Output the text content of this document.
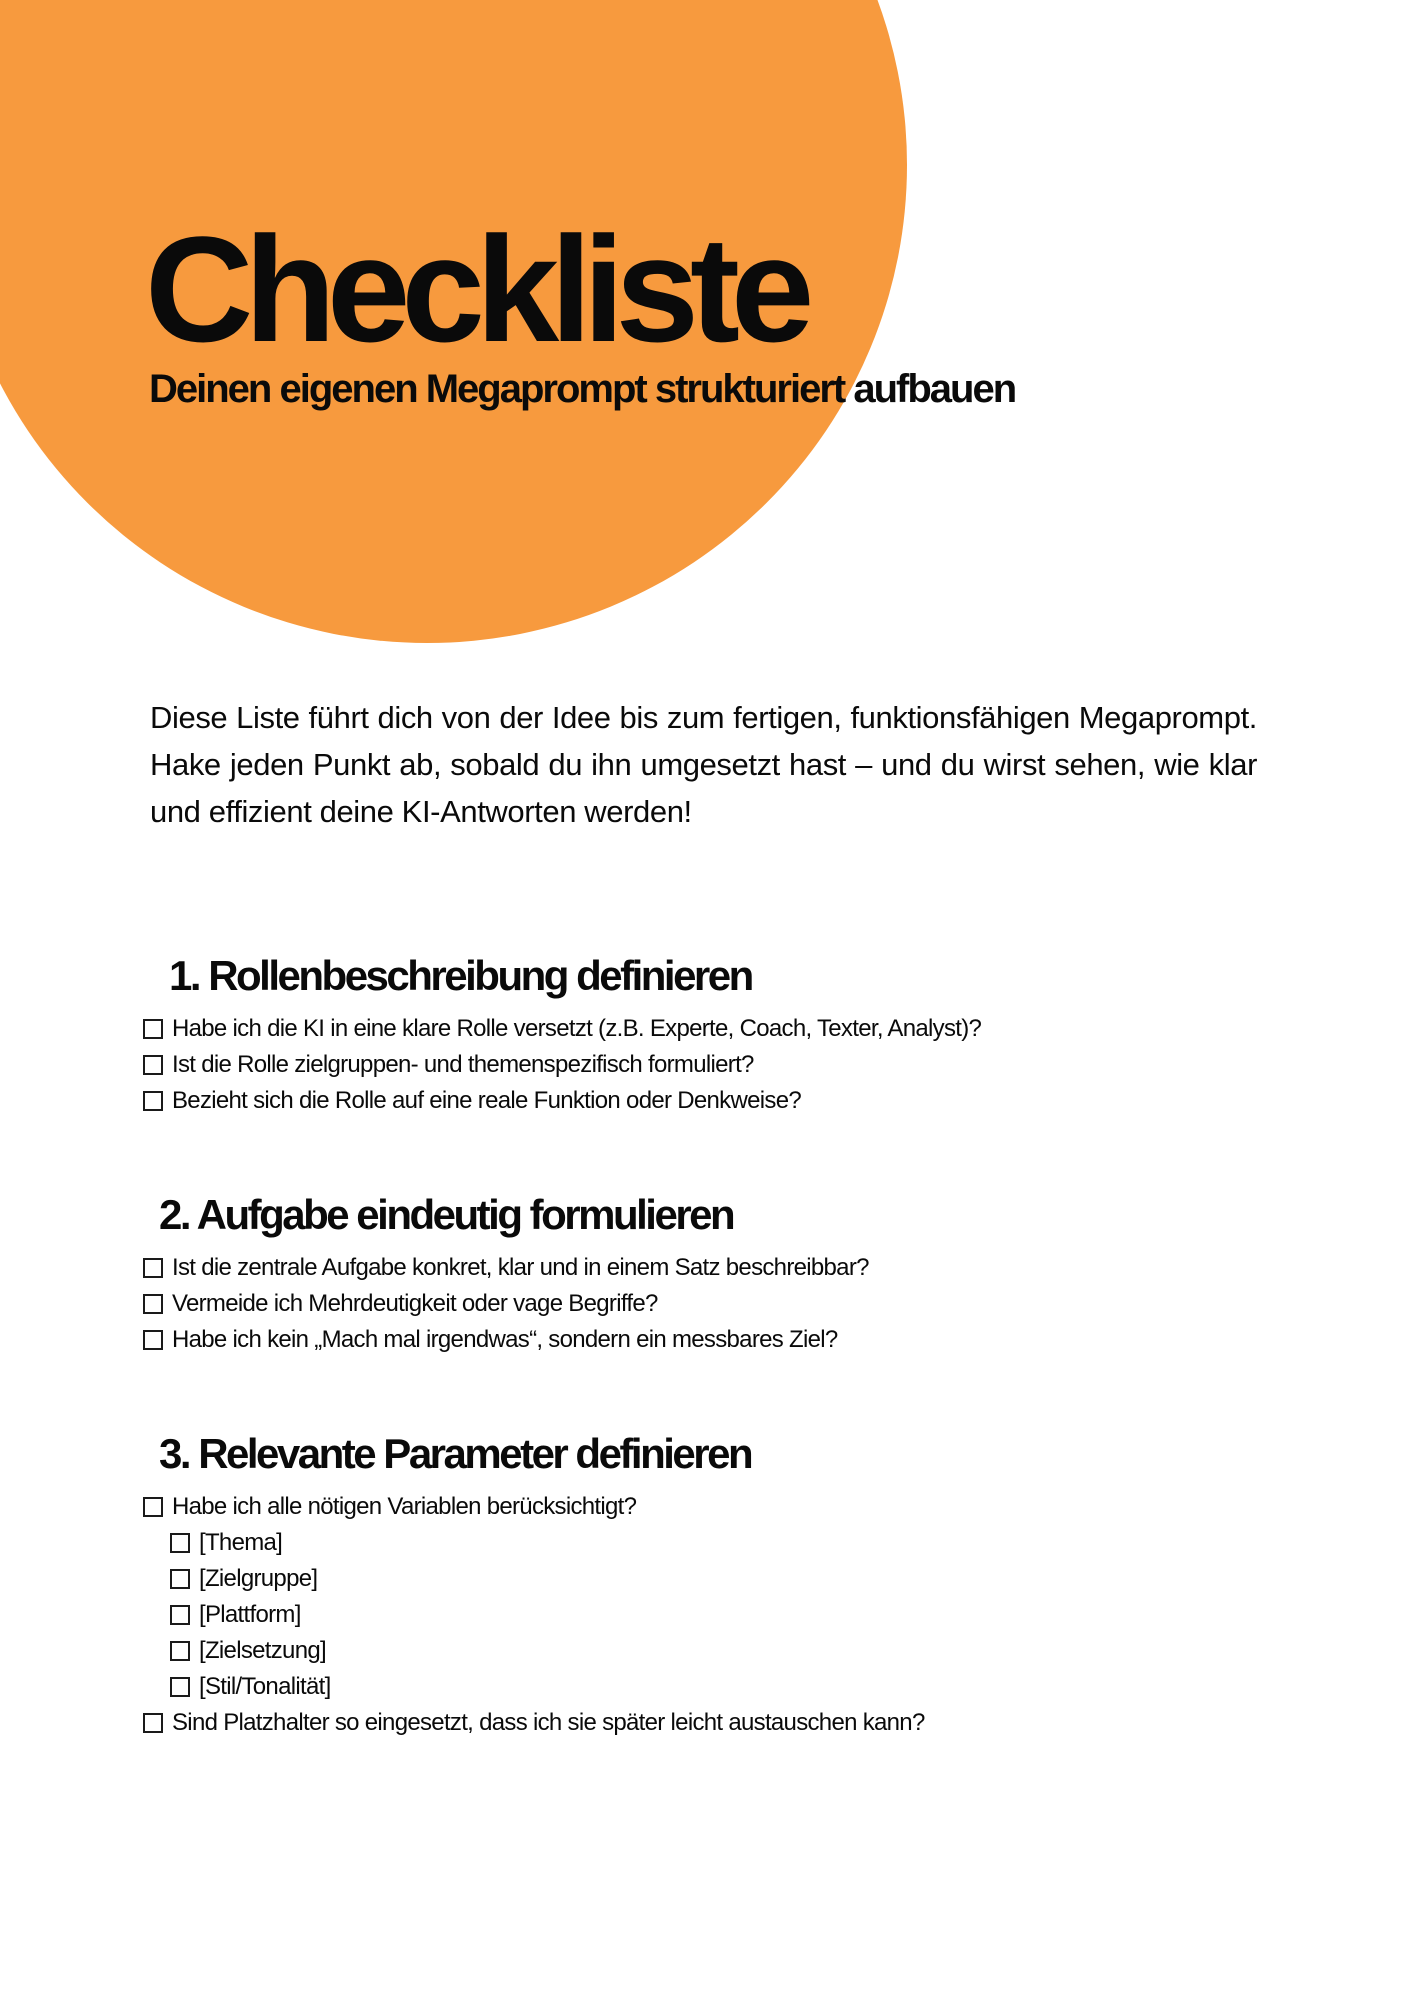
Checkliste
Deinen eigenen Megaprompt strukturiert aufbauen

Diese Liste führt dich von der Idee bis zum fertigen, funktionsfähigen Megaprompt. Hake jeden Punkt ab, sobald du ihn umgesetzt hast – und du wirst sehen, wie klar und effizient deine KI-Antworten werden!

1. Rollenbeschreibung definieren
Habe ich die KI in eine klare Rolle versetzt (z.B. Experte, Coach, Texter, Analyst)?
Ist die Rolle zielgruppen- und themenspezifisch formuliert?
Bezieht sich die Rolle auf eine reale Funktion oder Denkweise?
2. Aufgabe eindeutig formulieren
Ist die zentrale Aufgabe konkret, klar und in einem Satz beschreibbar?
Vermeide ich Mehrdeutigkeit oder vage Begriffe?
Habe ich kein „Mach mal irgendwas“, sondern ein messbares Ziel?
3. Relevante Parameter definieren
Habe ich alle nötigen Variablen berücksichtigt?
[Thema]
[Zielgruppe]
[Plattform]
[Zielsetzung]
[Stil/Tonalität]
Sind Platzhalter so eingesetzt, dass ich sie später leicht austauschen kann?
